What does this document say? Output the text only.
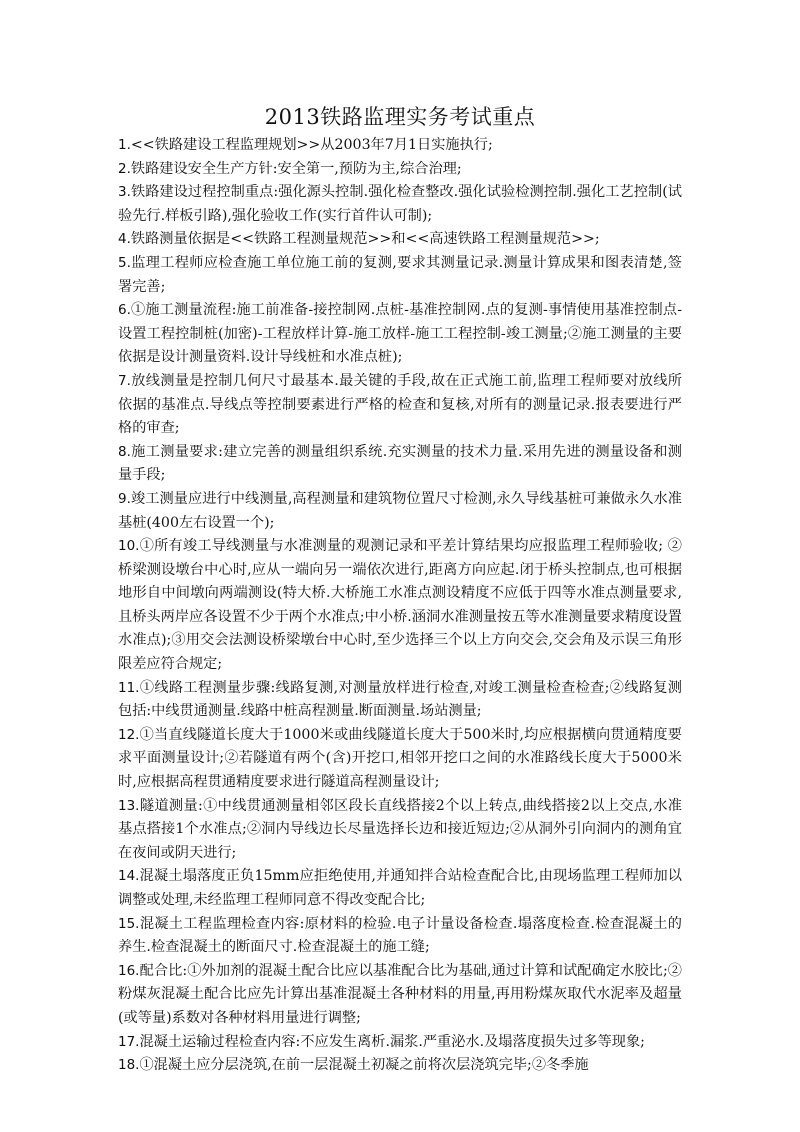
2013铁路监理实务考试重点

1.<<铁路建设工程监理规划>>从2003年7月1日实施执行;

2.铁路建设安全生产方针:安全第一,预防为主,综合治理;

3.铁路建设过程控制重点:强化源头控制.强化检查整改.强化试验检测控制.强化工艺控制(试验先行.样板引路),强化验收工作(实行首件认可制);

4.铁路测量依据是<<铁路工程测量规范>>和<<高速铁路工程测量规范>>;

5.监理工程师应检查施工单位施工前的复测,要求其测量记录.测量计算成果和图表清楚,签署完善;

6.①施工测量流程:施工前准备-接控制网.点桩-基准控制网.点的复测-事情使用基准控制点-设置工程控制桩(加密)-工程放样计算-施工放样-施工工程控制-竣工测量;②施工测量的主要依据是设计测量资料.设计导线桩和水准点桩);

7.放线测量是控制几何尺寸最基本.最关键的手段,故在正式施工前,监理工程师要对放线所依据的基准点.导线点等控制要素进行严格的检查和复核,对所有的测量记录.报表要进行严格的审查;

8.施工测量要求:建立完善的测量组织系统.充实测量的技术力量.采用先进的测量设备和测量手段;

9.竣工测量应进行中线测量,高程测量和建筑物位置尺寸检测,永久导线基桩可兼做永久水准基桩(400左右设置一个);

10.①所有竣工导线测量与水准测量的观测记录和平差计算结果均应报监理工程师验收; ②桥梁测设墩台中心时,应从一端向另一端依次进行,距离方向应起.闭于桥头控制点,也可根据地形自中间墩向两端测设(特大桥.大桥施工水准点测设精度不应低于四等水准点测量要求,且桥头两岸应各设置不少于两个水准点;中小桥.涵洞水准测量按五等水准测量要求精度设置水准点);③用交会法测设桥梁墩台中心时,至少选择三个以上方向交会,交会角及示误三角形限差应符合规定;

11.①线路工程测量步骤:线路复测,对测量放样进行检查,对竣工测量检查检查;②线路复测包括:中线贯通测量.线路中桩高程测量.断面测量.场站测量;

12.①当直线隧道长度大于1000米或曲线隧道长度大于500米时,均应根据横向贯通精度要求平面测量设计;②若隧道有两个(含)开挖口,相邻开挖口之间的水准路线长度大于5000米时,应根据高程贯通精度要求进行隧道高程测量设计;

13.隧道测量:①中线贯通测量相邻区段长直线搭接2个以上转点,曲线搭接2以上交点,水准基点搭接1个水准点;②洞内导线边长尽量选择长边和接近短边;②从洞外引向洞内的测角宜在夜间或阴天进行;

14.混凝土塌落度正负15mm应拒绝使用,并通知拌合站检查配合比,由现场监理工程师加以调整或处理,未经监理工程师同意不得改变配合比;

15.混凝土工程监理检查内容:原材料的检验.电子计量设备检查.塌落度检查.检查混凝土的养生.检查混凝土的断面尺寸.检查混凝土的施工缝;

16.配合比:①外加剂的混凝土配合比应以基准配合比为基础,通过计算和试配确定水胶比;②粉煤灰混凝土配合比应先计算出基准混凝土各种材料的用量,再用粉煤灰取代水泥率及超量(或等量)系数对各种材料用量进行调整;

17.混凝土运输过程检查内容:不应发生离析.漏浆.严重泌水.及塌落度损失过多等现象;

18.①混凝土应分层浇筑,在前一层混凝土初凝之前将次层浇筑完毕;②冬季施
